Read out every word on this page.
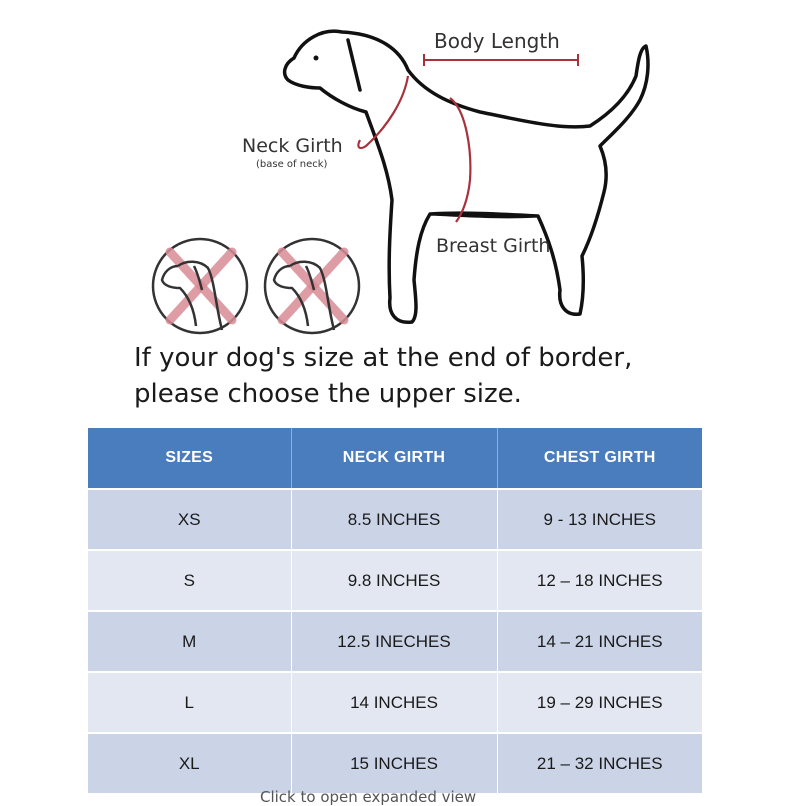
Body Length
Neck Girth
(base of neck)
Breast Girth
If your dog's size at the end of border,
please choose the upper size.
SIZES	NECK GIRTH	CHEST GIRTH
XS	8.5 INCHES	9 - 13 INCHES
S	9.8 INCHES	12 – 18 INCHES
M	12.5 INECHES	14 – 21 INCHES
L	14 INCHES	19 – 29 INCHES
XL	15 INCHES	21 – 32 INCHES
Click to open expanded view
